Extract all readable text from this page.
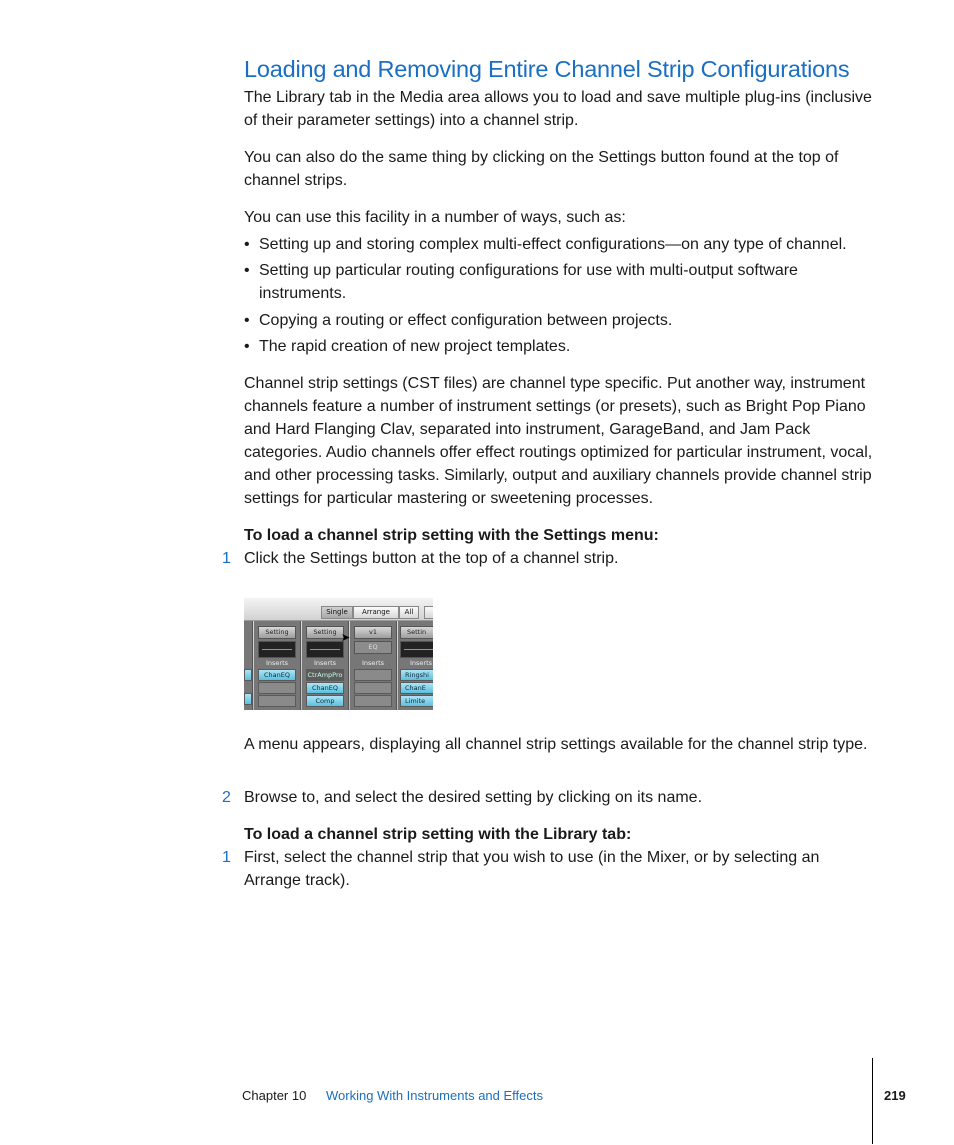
Loading and Removing Entire Channel Strip Configurations

The Library tab in the Media area allows you to load and save multiple plug-ins (inclusive of their parameter settings) into a channel strip.

You can also do the same thing by clicking on the Settings button found at the top of channel strips.

You can use this facility in a number of ways, such as:

• Setting up and storing complex multi-effect configurations—on any type of channel.
• Setting up particular routing configurations for use with multi-output software instruments.
• Copying a routing or effect configuration between projects.
• The rapid creation of new project templates.

Channel strip settings (CST files) are channel type specific. Put another way, instrument channels feature a number of instrument settings (or presets), such as Bright Pop Piano and Hard Flanging Clav, separated into instrument, GarageBand, and Jam Pack categories. Audio channels offer effect routings optimized for particular instrument, vocal, and other processing tasks. Similarly, output and auxiliary channels provide channel strip settings for particular mastering or sweetening processes.

To load a channel strip setting with the Settings menu:
1 Click the Settings button at the top of a channel strip.
Single	Arrange	All
Setting
Inserts
ChanEQ
Setting
Inserts
CtrAmpPro
ChanEQ
Comp
➤	v1
EQ
Inserts
Settin
Inserts
Ringshi
ChanE
Limite

A menu appears, displaying all channel strip settings available for the channel strip type.

2 Browse to, and select the desired setting by clicking on its name.
To load a channel strip setting with the Library tab:
1 First, select the channel strip that you wish to use (in the Mixer, or by selecting an Arrange track).
Chapter 10 Working With Instruments and Effects	219
